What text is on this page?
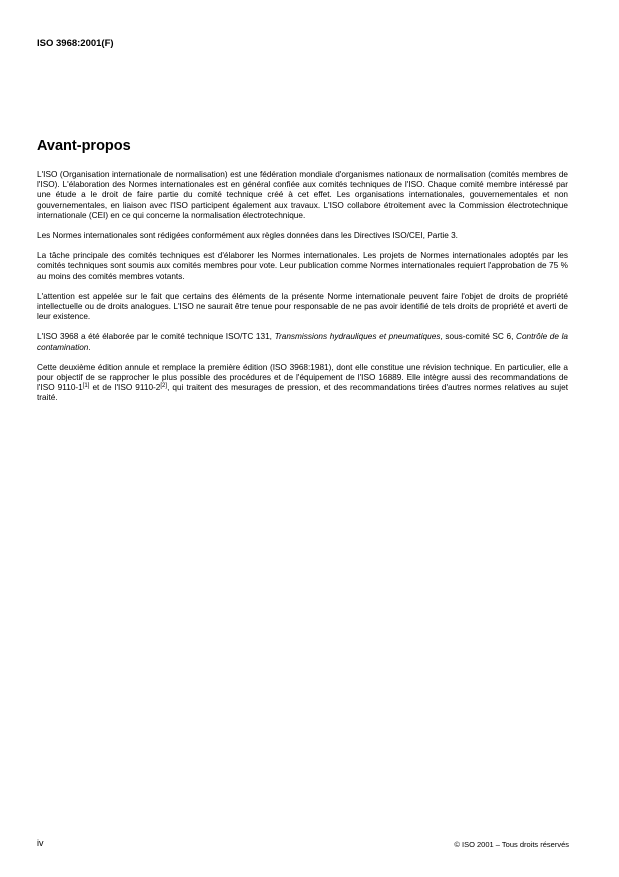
ISO 3968:2001(F)
Avant-propos

L'ISO (Organisation internationale de normalisation) est une fédération mondiale d'organismes nationaux de normalisation (comités membres de l'ISO). L'élaboration des Normes internationales est en général confiée aux comités techniques de l'ISO. Chaque comité membre intéressé par une étude a le droit de faire partie du comité technique créé à cet effet. Les organisations internationales, gouvernementales et non gouvernementales, en liaison avec l'ISO participent également aux travaux. L'ISO collabore étroitement avec la Commission électrotechnique internationale (CEI) en ce qui concerne la normalisation électrotechnique.

Les Normes internationales sont rédigées conformément aux règles données dans les Directives ISO/CEI, Partie 3.

La tâche principale des comités techniques est d'élaborer les Normes internationales. Les projets de Normes internationales adoptés par les comités techniques sont soumis aux comités membres pour vote. Leur publication comme Normes internationales requiert l'approbation de 75 % au moins des comités membres votants.

L'attention est appelée sur le fait que certains des éléments de la présente Norme internationale peuvent faire l'objet de droits de propriété intellectuelle ou de droits analogues. L'ISO ne saurait être tenue pour responsable de ne pas avoir identifié de tels droits de propriété et averti de leur existence.

L'ISO 3968 a été élaborée par le comité technique ISO/TC 131, Transmissions hydrauliques et pneumatiques, sous-comité SC 6, Contrôle de la contamination.

Cette deuxième édition annule et remplace la première édition (ISO 3968:1981), dont elle constitue une révision technique. En particulier, elle a pour objectif de se rapprocher le plus possible des procédures et de l'équipement de l'ISO 16889. Elle intègre aussi des recommandations de l'ISO 9110-1[1] et de l'ISO 9110-2[2], qui traitent des mesurages de pression, et des recommandations tirées d'autres normes relatives au sujet traité.

iv	© ISO 2001 – Tous droits réservés
